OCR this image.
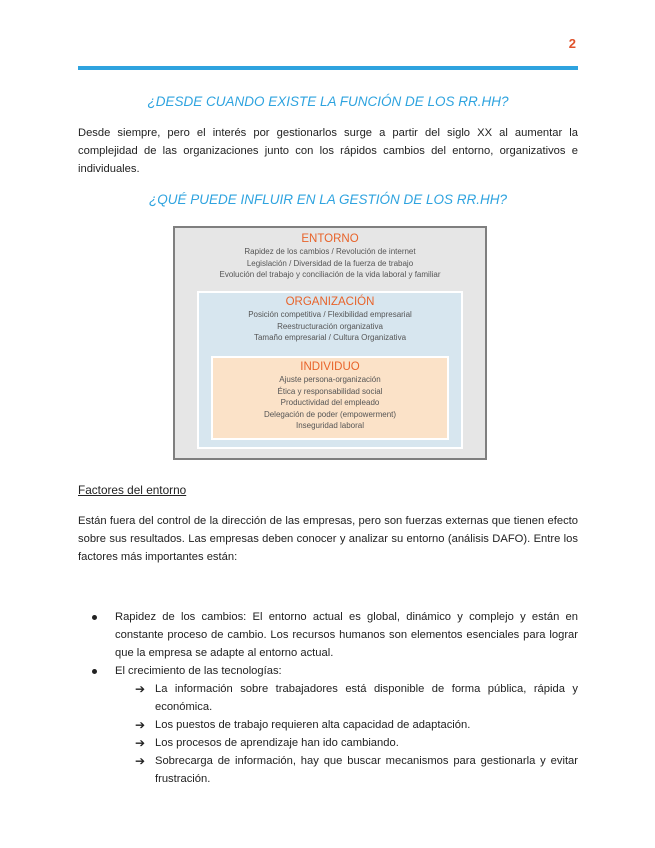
2
¿DESDE CUANDO EXISTE LA FUNCIÓN DE LOS RR.HH?

Desde siempre, pero el interés por gestionarlos surge a partir del siglo XX al aumentar la complejidad de las organizaciones junto con los rápidos cambios del entorno, organizativos e individuales.

¿QUÉ PUEDE INFLUIR EN LA GESTIÓN DE LOS RR.HH?
ENTORNO
Rapidez de los cambios / Revolución de internet
Legislación / Diversidad de la fuerza de trabajo
Evolución del trabajo y conciliación de la vida laboral y familiar
ORGANIZACIÓN
Posición competitiva / Flexibilidad empresarial
Reestructuración organizativa
Tamaño empresarial / Cultura Organizativa
INDIVIDUO
Ajuste persona-organización
Ética y responsabilidad social
Productividad del empleado
Delegación de poder (empowerment)
Inseguridad laboral

Factores del entorno

Están fuera del control de la dirección de las empresas, pero son fuerzas externas que tienen efecto sobre sus resultados. Las empresas deben conocer y analizar su entorno (análisis DAFO). Entre los factores más importantes están:

Rapidez de los cambios: El entorno actual es global, dinámico y complejo y están en constante proceso de cambio. Los recursos humanos son elementos esenciales para lograr que la empresa se adapte al entorno actual.
El crecimiento de las tecnologías:
➔ La información sobre trabajadores está disponible de forma pública, rápida y económica.
➔ Los puestos de trabajo requieren alta capacidad de adaptación.
➔ Los procesos de aprendizaje han ido cambiando.
➔ Sobrecarga de información, hay que buscar mecanismos para gestionarla y evitar frustración.
